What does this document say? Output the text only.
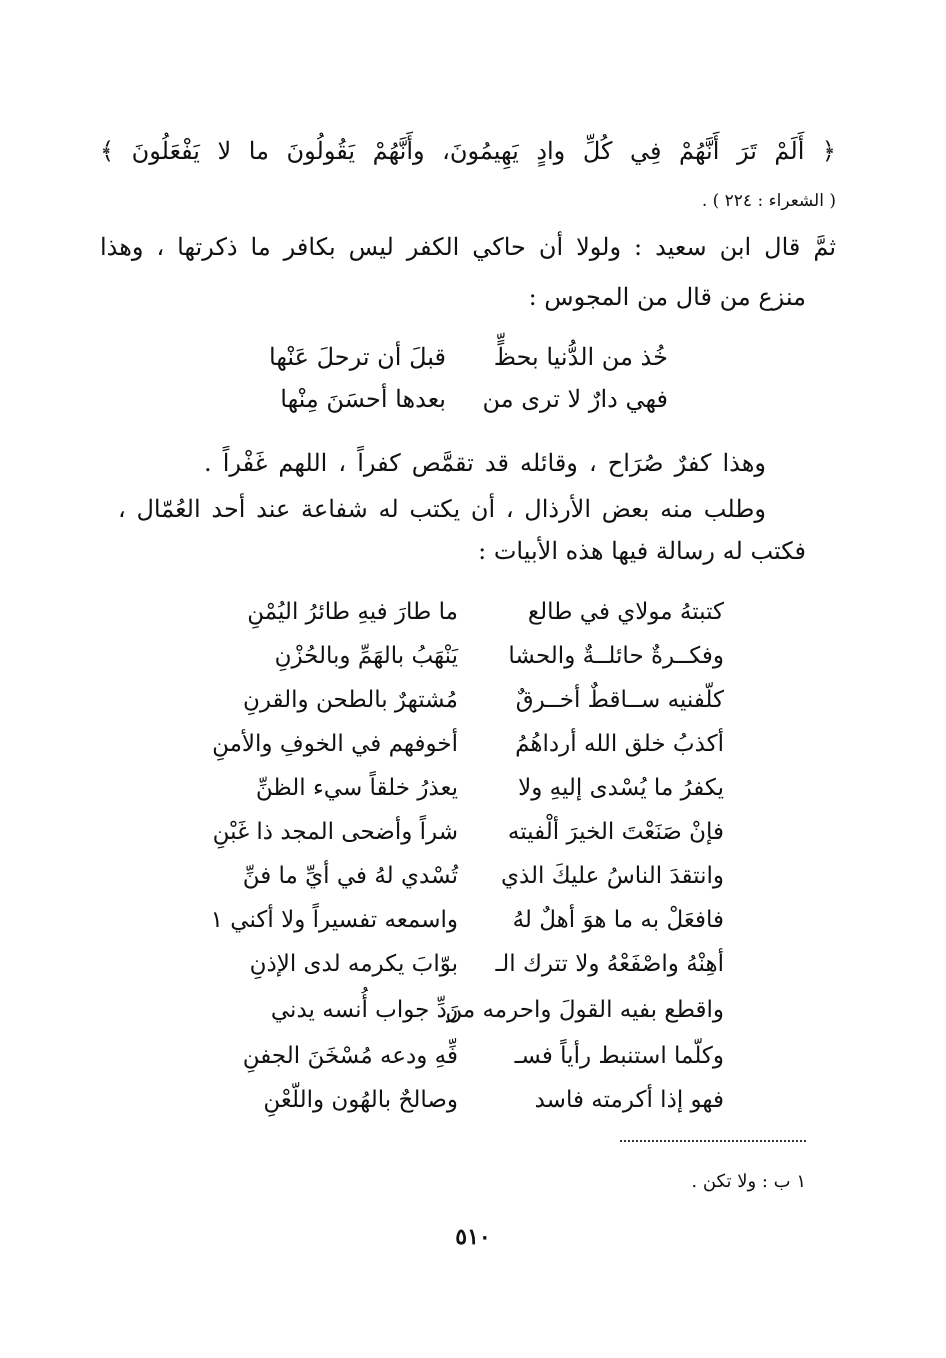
﴿ أَلَمْ تَرَ أَنَّهُمْ فِي كُلِّ وادٍ يَهِيمُونَ، وأَنَّهُمْ يَقُولُونَ ما لا يَفْعَلُونَ ﴾
( الشعراء : ٢٢٤ ) .
ثمَّ قال ابن سعيد : ولولا أن حاكي الكفر ليس بكافر ما ذكرتها ، وهذا
منزع من قال من المجوس :
خُذ من الدُّنيا بحظٍّ
قبلَ أن ترحلَ عَنْها
فهي دارٌ لا ترى من
بعدها أحسَنَ مِنْها
وهذا كفرٌ صُرَاح ، وقائله قد تقمَّص كفراً ، اللهم غَفْراً .
وطلب منه بعض الأرذال ، أن يكتب له شفاعة عند أحد العُمّال ،
فكتب له رسالة فيها هذه الأبيات :
كتبتهُ مولاي في طالع
ما طارَ فيهِ طائرُ اليُمْنِ
وفكــرةٌ حائلــةٌ والحشا
يَنْهَبُ بالهَمِّ وبالحُزْنِ
كلّفنيه ســاقطٌ أخــرقٌ
مُشتهرٌ بالطحن والقرنِ
أكذبُ خلق الله أرداهُمُ
أخوفهم في الخوفِ والأمنِ
يكفرُ ما يُسْدى إليهِ ولا
يعذرُ خلقاً سيء الظنِّ
فإنْ صَنَعْتَ الخيرَ ألْفيته
شراً وأضحى المجد ذا غَبْنِ
وانتقدَ الناسُ عليكَ الذي
تُسْدي لهُ في أيِّ ما فنِّ
فافعَلْ به ما هوَ أهلٌ لهُ
واسمعه تفسيراً ولا أكني ١
أهِنْهُ واصْفَعْهُ ولا تترك الـ
بوّابَ يكرمه لدى الإذنِ
واقطع بفيه القولَ واحرمه من
رَدِّ جواب أُنسه يدني
وكلّما استنبط رأياً فسـ
فِّهِ ودعه مُسْخَنَ الجفنِ
فهو إذا أكرمته فاسد
وصالحٌ بالهُون واللّعْنِ
١ ب : ولا تكن .
٥١٠
